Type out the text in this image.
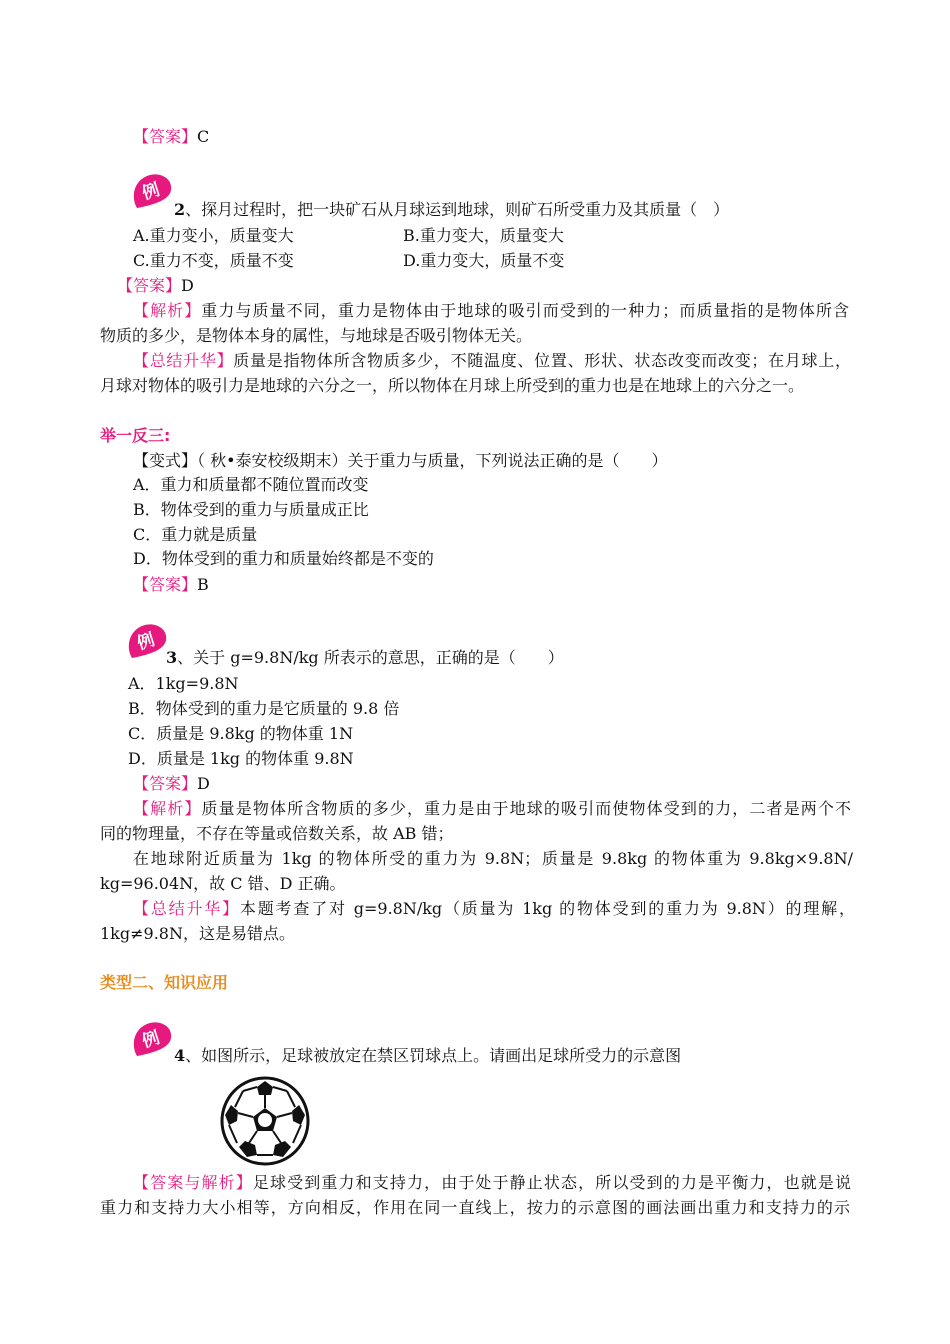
【答案】C
例
2、探月过程时，把一块矿石从月球运到地球，则矿石所受重力及其质量（　）
A.重力变小，质量变大	B.重力变大，质量变大
C.重力不变，质量不变	D.重力变大，质量不变
【答案】D
【解析】重力与质量不同，重力是物体由于地球的吸引而受到的一种力；而质量指的是物体所含
物质的多少，是物体本身的属性，与地球是否吸引物体无关。
【总结升华】质量是指物体所含物质多少，不随温度、位置、形状、状态改变而改变；在月球上，
月球对物体的吸引力是地球的六分之一，所以物体在月球上所受到的重力也是在地球上的六分之一。
举一反三:
【变式】（ 秋•泰安校级期末）关于重力与质量，下列说法正确的是（　　）
A．重力和质量都不随位置而改变
B．物体受到的重力与质量成正比
C．重力就是质量
D．物体受到的重力和质量始终都是不变的
【答案】B
例
3、关于 g=9.8N/kg 所表示的意思，正确的是（　　）
A．1kg=9.8N
B．物体受到的重力是它质量的 9.8 倍
C．质量是 9.8kg 的物体重 1N
D．质量是 1kg 的物体重 9.8N
【答案】D
【解析】质量是物体所含物质的多少，重力是由于地球的吸引而使物体受到的力，二者是两个不
同的物理量，不存在等量或倍数关系，故 AB 错；
在地球附近质量为 1kg 的物体所受的重力为 9.8N；质量是 9.8kg 的物体重为 9.8kg×9.8N/
kg=96.04N，故 C 错、D 正确。
【总结升华】本题考查了对 g=9.8N/kg（质量为 1kg 的物体受到的重力为 9.8N）的理解，
1kg≠9.8N，这是易错点。
类型二、知识应用
例
4、如图所示，足球被放定在禁区罚球点上。请画出足球所受力的示意图
【答案与解析】足球受到重力和支持力，由于处于静止状态，所以受到的力是平衡力，也就是说
重力和支持力大小相等，方向相反，作用在同一直线上，按力的示意图的画法画出重力和支持力的示
